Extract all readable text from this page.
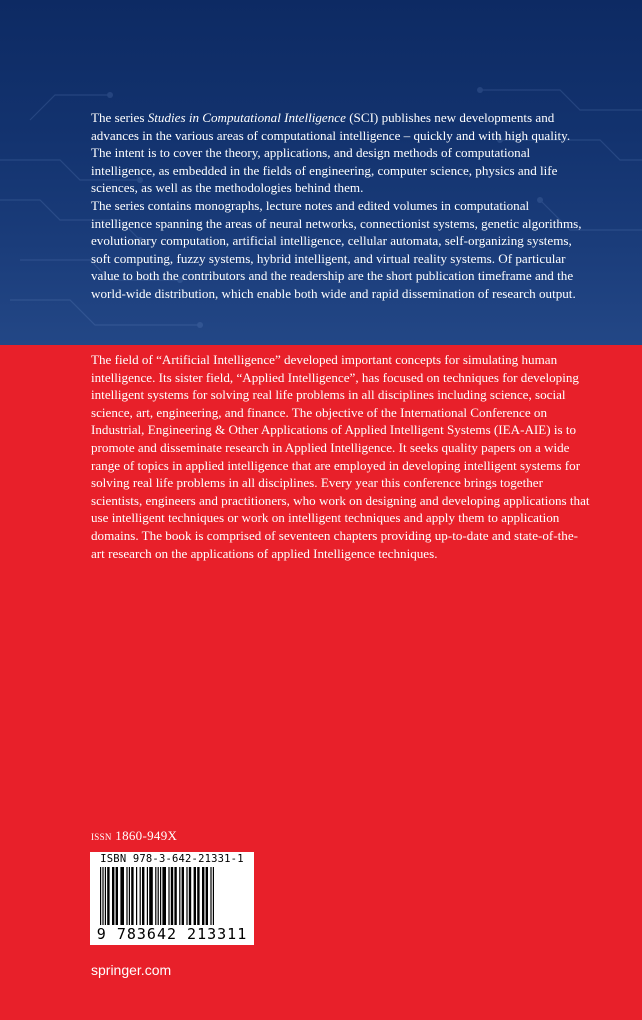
The series Studies in Computational Intelligence (SCI) publishes new developments and advances in the various areas of computational intelligence – quickly and with high quality. The intent is to cover the theory, applications, and design methods of computational intelligence, as embedded in the fields of engineering, computer science, physics and life sciences, as well as the methodologies behind them.

The series contains monographs, lecture notes and edited volumes in computational intelligence spanning the areas of neural networks, connectionist systems, genetic algorithms, evolutionary computation, artificial intelligence, cellular automata, self-organizing systems, soft computing, fuzzy systems, hybrid intelligent, and virtual reality systems. Of particular value to both the contributors and the readership are the short publication timeframe and the world-wide distribution, which enable both wide and rapid dissemination of research output.

The field of “Artificial Intelligence” developed important concepts for simulating human intelligence. Its sister field, “Applied Intelligence”, has focused on techniques for developing intelligent systems for solving real life problems in all disciplines including science, social science, art, engineering, and finance. The objective of the International Conference on Industrial, Engineering & Other Applications of Applied Intelligent Systems (IEA-AIE) is to promote and disseminate research in Applied Intelligence. It seeks quality papers on a wide range of topics in applied intelligence that are employed in developing intelligent systems for solving real life problems in all disciplines. Every year this conference brings together scientists, engineers and practitioners, who work on designing and developing applications that use intelligent techniques or work on intelligent techniques and apply them to application domains. The book is comprised of seventeen chapters providing up-to-date and state-of-the-art research on the applications of applied Intelligence techniques.

issn 1860-949X
ISBN 978-3-642-21331-1
9 783642 213311
springer.com
